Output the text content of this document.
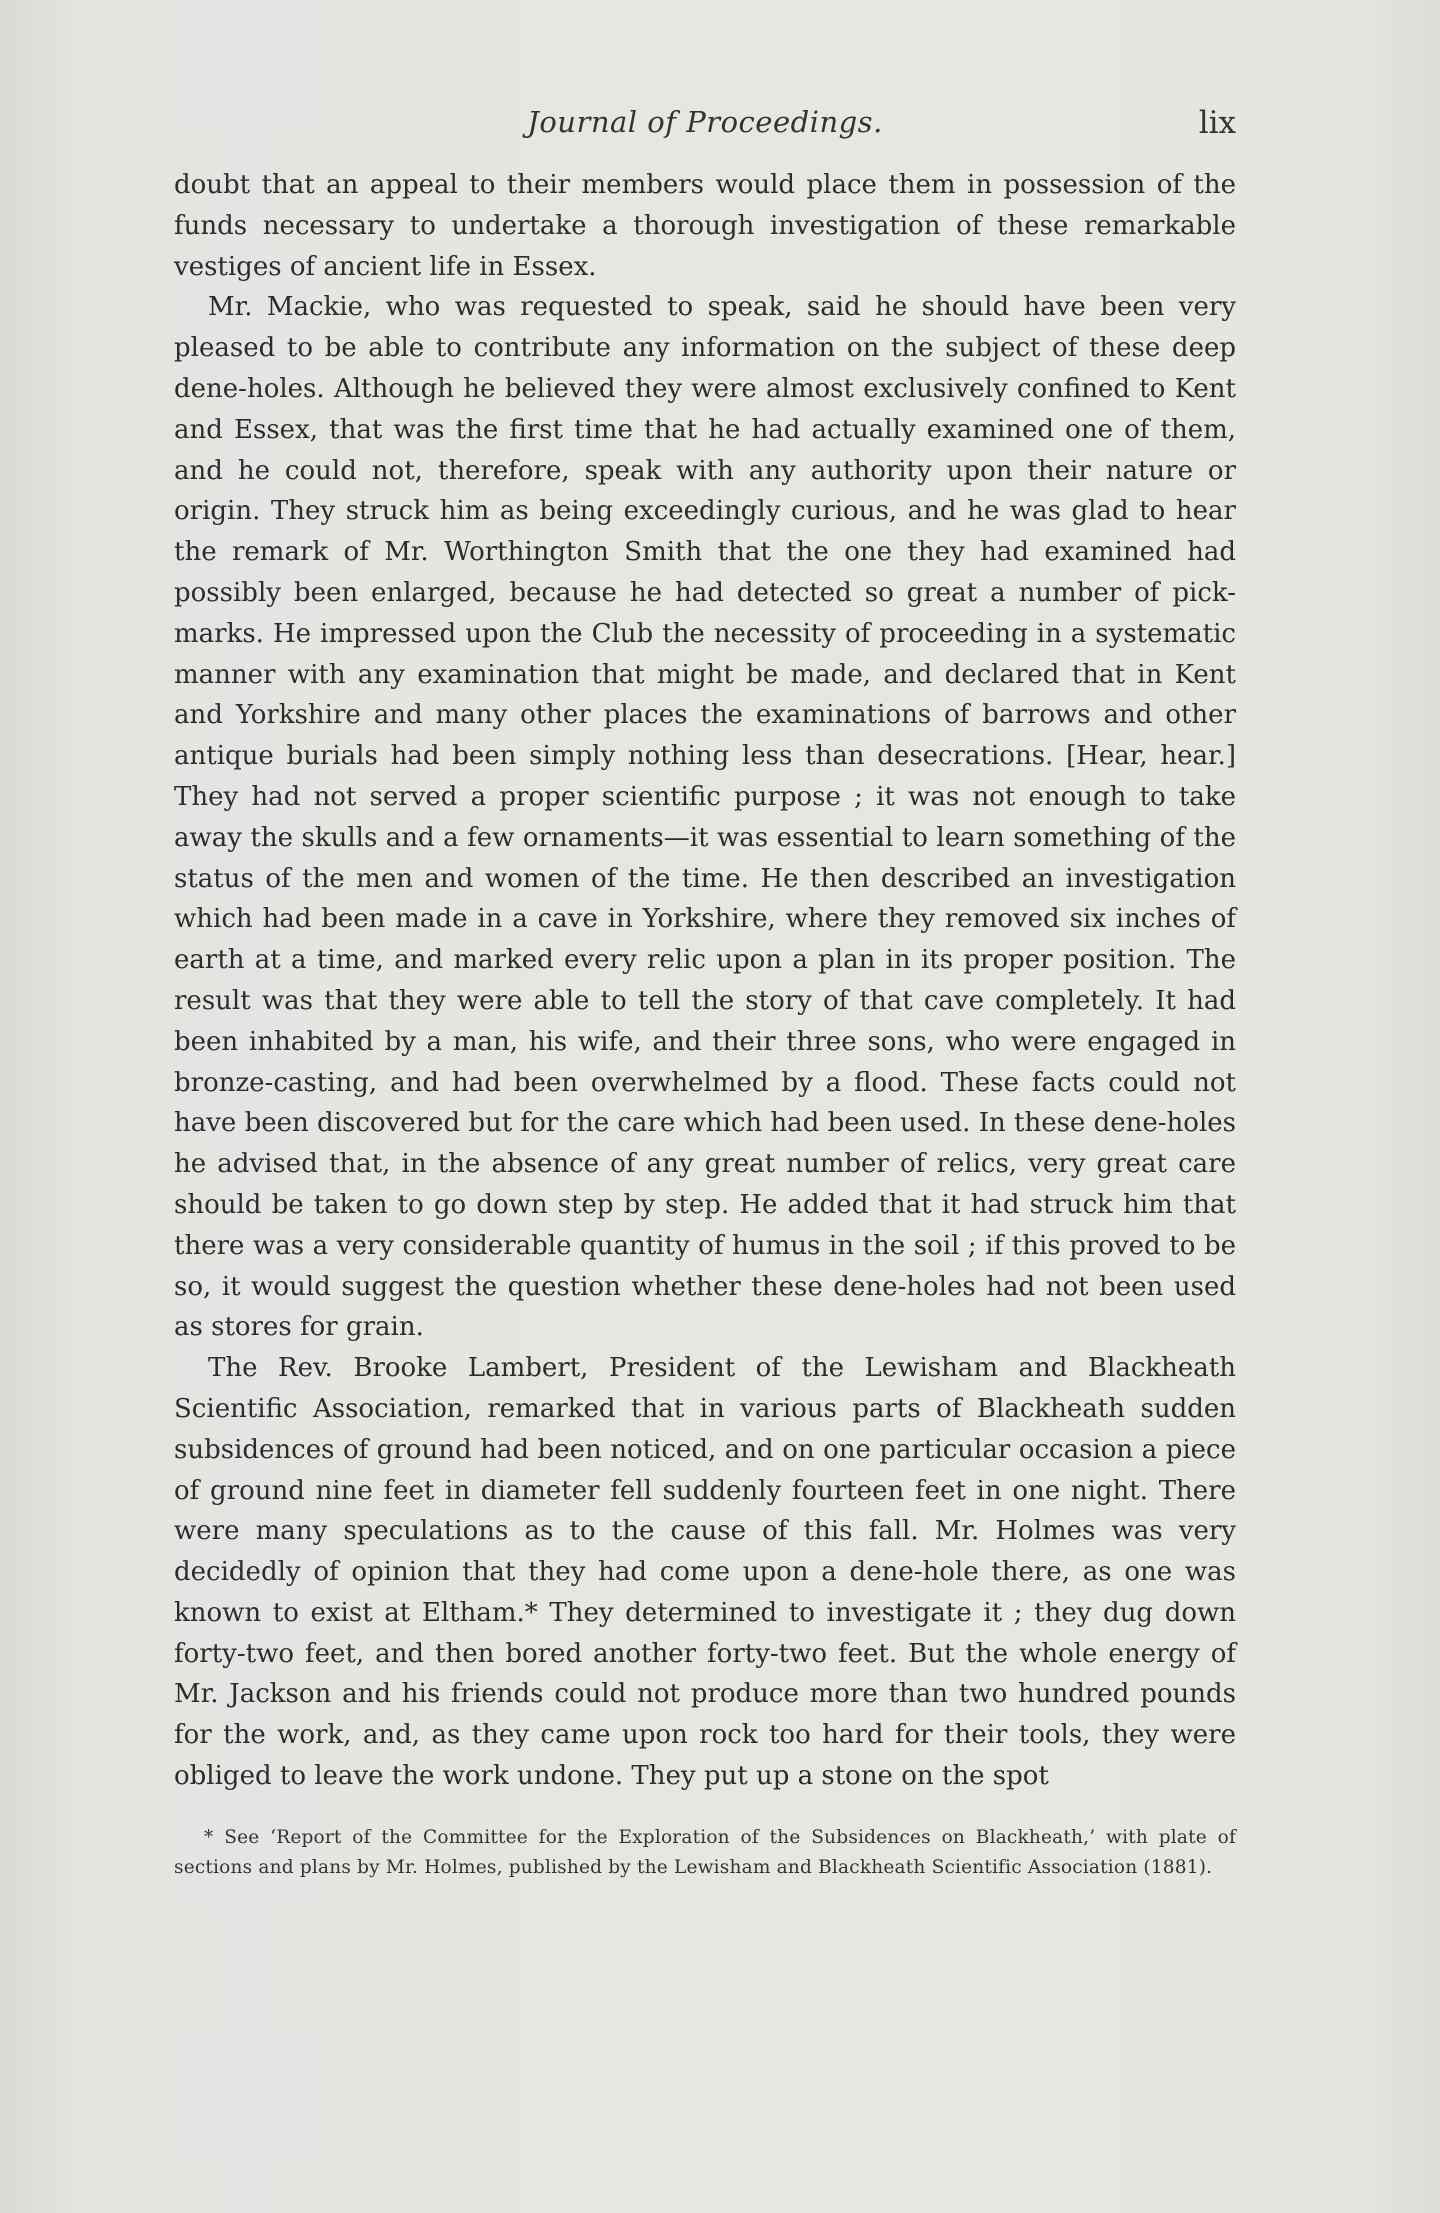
Journal of Proceedings.	lix

doubt that an appeal to their members would place them in possession of the funds necessary to undertake a thorough investigation of these remarkable vestiges of ancient life in Essex.

Mr. Mackie, who was requested to speak, said he should have been very pleased to be able to contribute any information on the subject of these deep dene-holes. Although he believed they were almost exclusively confined to Kent and Essex, that was the first time that he had actually examined one of them, and he could not, therefore, speak with any authority upon their nature or origin. They struck him as being exceedingly curious, and he was glad to hear the remark of Mr. Worthington Smith that the one they had examined had possibly been enlarged, because he had detected so great a number of pick-marks. He impressed upon the Club the necessity of proceeding in a systematic manner with any examination that might be made, and declared that in Kent and Yorkshire and many other places the examinations of barrows and other antique burials had been simply nothing less than desecrations. [Hear, hear.] They had not served a proper scientific purpose ; it was not enough to take away the skulls and a few ornaments—it was essential to learn something of the status of the men and women of the time. He then described an investigation which had been made in a cave in Yorkshire, where they removed six inches of earth at a time, and marked every relic upon a plan in its proper position. The result was that they were able to tell the story of that cave completely. It had been inhabited by a man, his wife, and their three sons, who were engaged in bronze-casting, and had been overwhelmed by a flood. These facts could not have been discovered but for the care which had been used. In these dene-holes he advised that, in the absence of any great number of relics, very great care should be taken to go down step by step. He added that it had struck him that there was a very considerable quantity of humus in the soil ; if this proved to be so, it would suggest the question whether these dene-holes had not been used as stores for grain.

The Rev. Brooke Lambert, President of the Lewisham and Blackheath Scientific Association, remarked that in various parts of Blackheath sudden subsidences of ground had been noticed, and on one particular occasion a piece of ground nine feet in diameter fell suddenly fourteen feet in one night. There were many speculations as to the cause of this fall. Mr. Holmes was very decidedly of opinion that they had come upon a dene-hole there, as one was known to exist at Eltham.* They determined to investigate it ; they dug down forty-two feet, and then bored another forty-two feet. But the whole energy of Mr. Jackson and his friends could not produce more than two hundred pounds for the work, and, as they came upon rock too hard for their tools, they were obliged to leave the work undone. They put up a stone on the spot

* See ‘Report of the Committee for the Exploration of the Subsidences on Blackheath,’ with plate of sections and plans by Mr. Holmes, published by the Lewisham and Blackheath Scientific Association (1881).
